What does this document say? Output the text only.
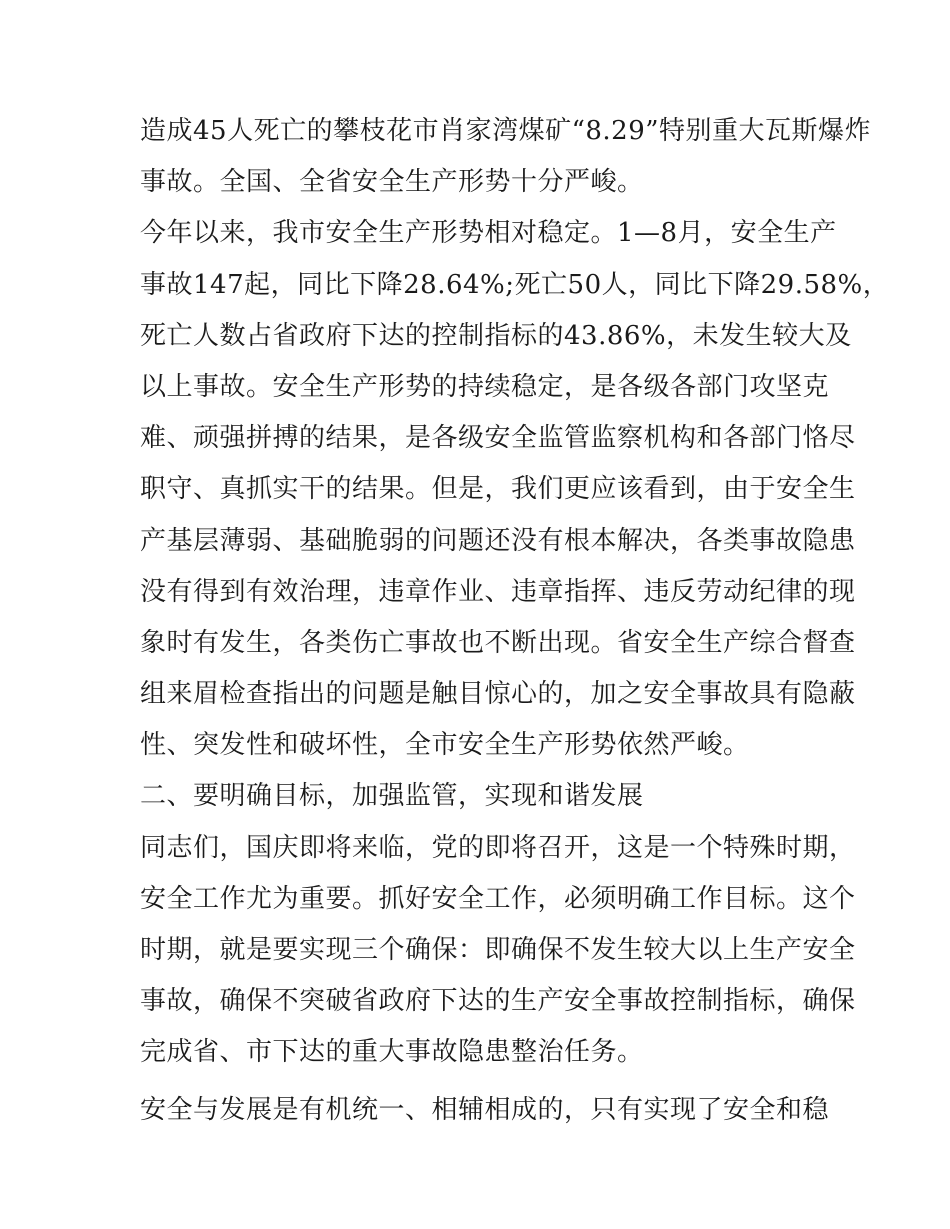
造成45人死亡的攀枝花市肖家湾煤矿“8.29”特别重大瓦斯爆炸
事故。全国、全省安全生产形势十分严峻。
今年以来，我市安全生产形势相对稳定。1—8月，安全生产
事故147起，同比下降28.64%;死亡50人，同比下降29.58%，
死亡人数占省政府下达的控制指标的43.86%，未发生较大及
以上事故。安全生产形势的持续稳定，是各级各部门攻坚克
难、顽强拼搏的结果，是各级安全监管监察机构和各部门恪尽
职守、真抓实干的结果。但是，我们更应该看到，由于安全生
产基层薄弱、基础脆弱的问题还没有根本解决，各类事故隐患
没有得到有效治理，违章作业、违章指挥、违反劳动纪律的现
象时有发生，各类伤亡事故也不断出现。省安全生产综合督查
组来眉检查指出的问题是触目惊心的，加之安全事故具有隐蔽
性、突发性和破坏性，全市安全生产形势依然严峻。
二、要明确目标，加强监管，实现和谐发展
同志们，国庆即将来临，党的即将召开，这是一个特殊时期，
安全工作尤为重要。抓好安全工作，必须明确工作目标。这个
时期，就是要实现三个确保：即确保不发生较大以上生产安全
事故，确保不突破省政府下达的生产安全事故控制指标，确保
完成省、市下达的重大事故隐患整治任务。
安全与发展是有机统一、相辅相成的，只有实现了安全和稳
